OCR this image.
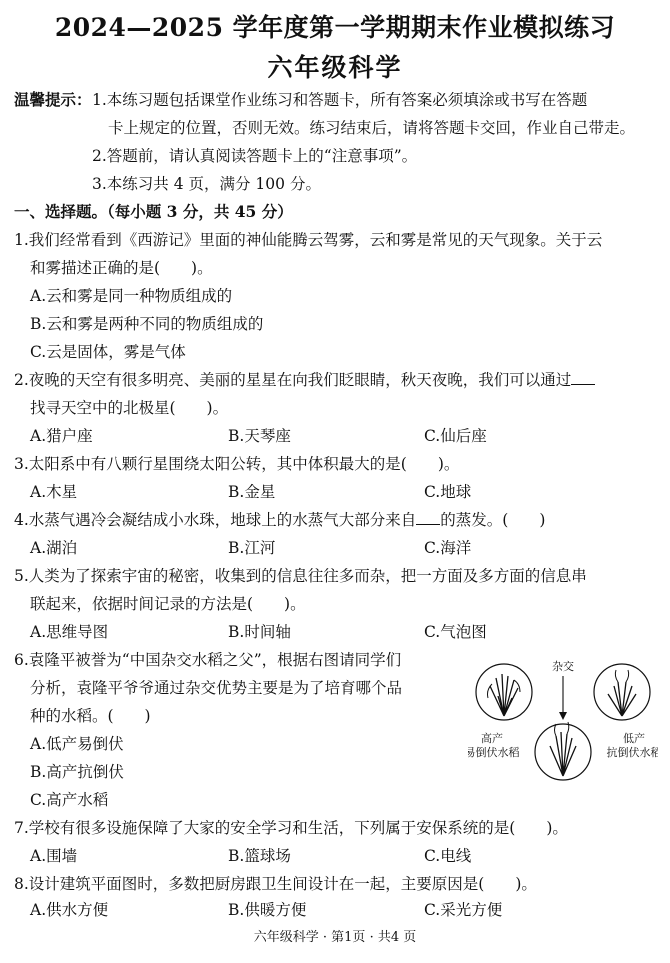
2024—2025 学年度第一学期期末作业模拟练习
六年级科学
温馨提示： 1.本练习题包括课堂作业练习和答题卡，所有答案必须填涂或书写在答题
卡上规定的位置，否则无效。练习结束后，请将答题卡交回，作业自己带走。
2.答题前，请认真阅读答题卡上的“注意事项”。
3.本练习共 4 页，满分 100 分。
一、选择题。（每小题 3 分，共 45 分）
1.我们经常看到《西游记》里面的神仙能腾云驾雾，云和雾是常见的天气现象。关于云
和雾描述正确的是(　　)。
A.云和雾是同一种物质组成的
B.云和雾是两种不同的物质组成的
C.云是固体，雾是气体
2.夜晚的天空有很多明亮、美丽的星星在向我们眨眼睛，秋天夜晚，我们可以通过
找寻天空中的北极星(　　)。
A.猎户座	B.天琴座	C.仙后座
3.太阳系中有八颗行星围绕太阳公转，其中体积最大的是(　　)。
A.木星	B.金星	C.地球
4.水蒸气遇冷会凝结成小水珠，地球上的水蒸气大部分来自 的蒸发。(　　)
A.湖泊	B.江河	C.海洋
5.人类为了探索宇宙的秘密，收集到的信息往往多而杂，把一方面及多方面的信息串
联起来，依据时间记录的方法是(　　)。
A.思维导图	B.时间轴	C.气泡图
6.袁隆平被誉为“中国杂交水稻之父”，根据右图请同学们
分析，袁隆平爷爷通过杂交优势主要是为了培育哪个品
种的水稻。(　　)
A.低产易倒伏
B.高产抗倒伏
C.高产水稻
杂交
高产
易倒伏水稻
低产
抗倒伏水稻
7.学校有很多设施保障了大家的安全学习和生活，下列属于安保系统的是(　　)。
A.围墙	B.篮球场	C.电线
8.设计建筑平面图时，多数把厨房跟卫生间设计在一起，主要原因是(　　)。
A.供水方便	B.供暖方便	C.采光方便
六年级科学 · 第1页 · 共4 页
